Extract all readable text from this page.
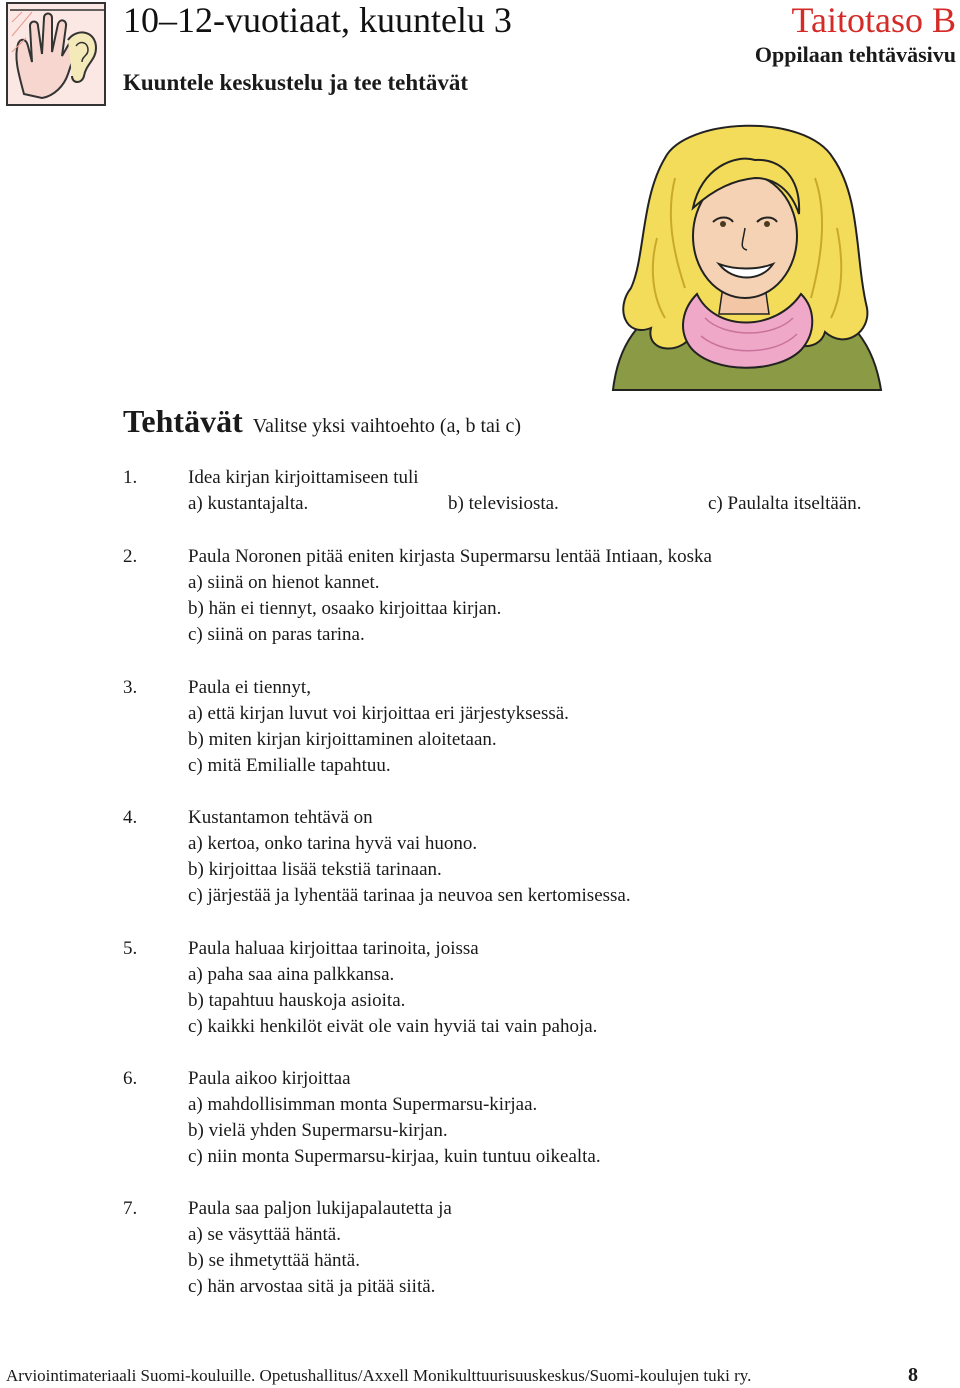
10–12-vuotiaat, kuuntelu 3
Kuuntele keskustelu ja tee tehtävät
Taitotaso B
Oppilaan tehtäväsivu
Tehtävät Valitse yksi vaihtoehto (a, b tai c)
1.	Idea kirjan kirjoittamiseen tuli
a) kustantajalta.	b) televisiosta.	c) Paulalta itseltään.
2.	Paula Noronen pitää eniten kirjasta Supermarsu lentää Intiaan, koska
a) siinä on hienot kannet.
b) hän ei tiennyt, osaako kirjoittaa kirjan.
c) siinä on paras tarina.
3.	Paula ei tiennyt,
a) että kirjan luvut voi kirjoittaa eri järjestyksessä.
b) miten kirjan kirjoittaminen aloitetaan.
c) mitä Emilialle tapahtuu.
4.	Kustantamon tehtävä on
a) kertoa, onko tarina hyvä vai huono.
b) kirjoittaa lisää tekstiä tarinaan.
c) järjestää ja lyhentää tarinaa ja neuvoa sen kertomisessa.
5.	Paula haluaa kirjoittaa tarinoita, joissa
a) paha saa aina palkkansa.
b) tapahtuu hauskoja asioita.
c) kaikki henkilöt eivät ole vain hyviä tai vain pahoja.
6.	Paula aikoo kirjoittaa
a) mahdollisimman monta Supermarsu-kirjaa.
b) vielä yhden Supermarsu-kirjan.
c) niin monta Supermarsu-kirjaa, kuin tuntuu oikealta.
7.	Paula saa paljon lukijapalautetta ja
a) se väsyttää häntä.
b) se ihmetyttää häntä.
c) hän arvostaa sitä ja pitää siitä.
Arviointimateriaali Suomi-kouluille. Opetushallitus/Axxell Monikulttuurisuuskeskus/Suomi-koulujen tuki ry.	8
